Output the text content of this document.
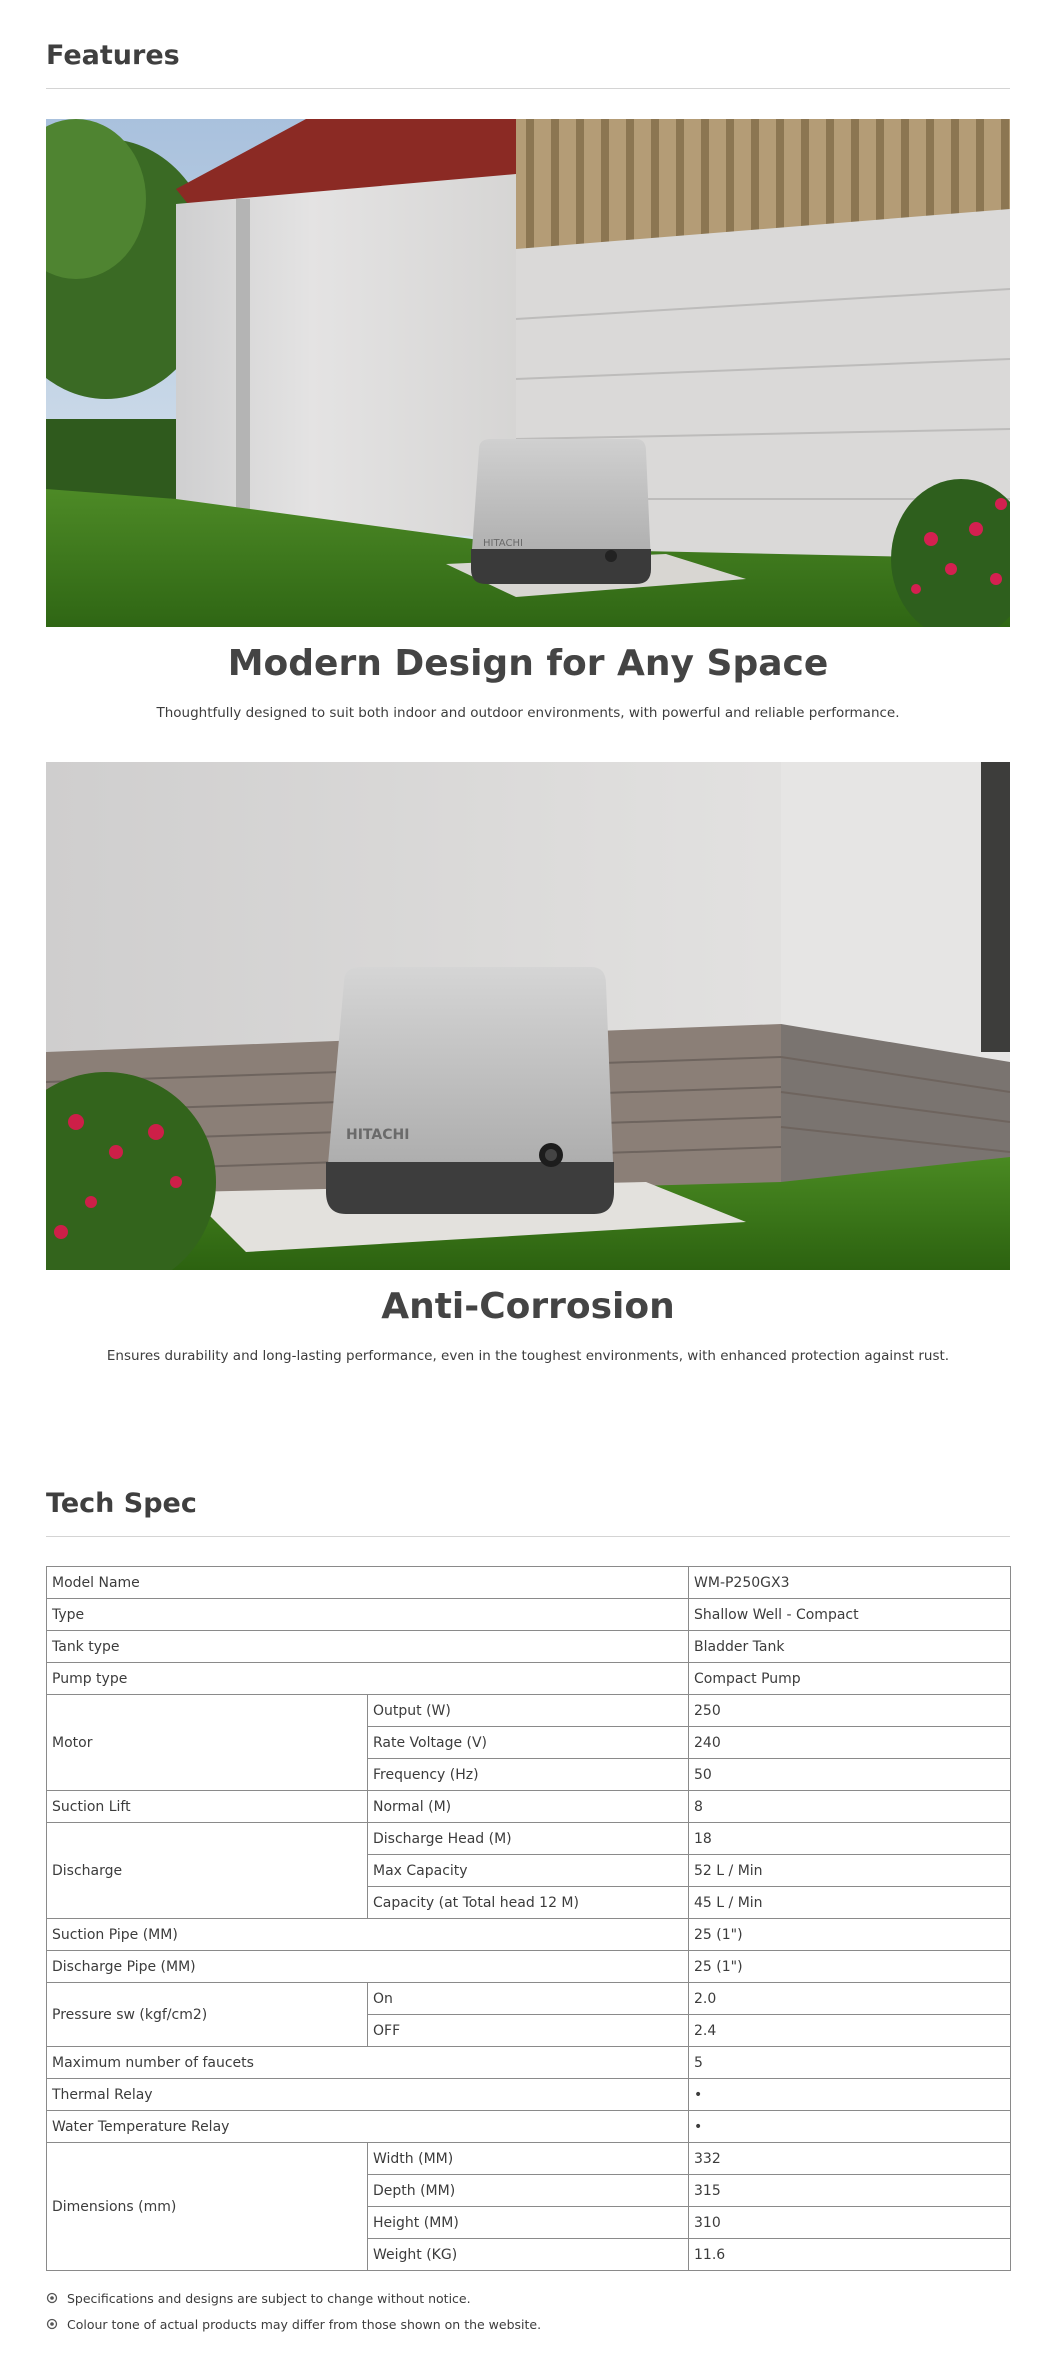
Features
HITACHI
Modern Design for Any Space
Thoughtfully designed to suit both indoor and outdoor environments, with powerful and reliable performance.
HITACHI
Anti-Corrosion
Ensures durability and long-lasting performance, even in the toughest environments, with enhanced protection against rust.
Tech Spec
Model Name		WM-P250GX3
Type		Shallow Well - Compact
Tank type		Bladder Tank
Pump type		Compact Pump
Motor	Output (W)	250
	Rate Voltage (V)	240
	Frequency (Hz)	50
Suction Lift	Normal (M)	8
Discharge	Discharge Head (M)	18
	Max Capacity	52 L / Min
	Capacity (at Total head 12 M)	45 L / Min
Suction Pipe (MM)		25 (1")
Discharge Pipe (MM)		25 (1")
Pressure sw (kgf/cm2)	On	2.0
	OFF	2.4
Maximum number of faucets		5
Thermal Relay		•
Water Temperature Relay		•
Dimensions (mm)	Width (MM)	332
	Depth (MM)	315
	Height (MM)	310
	Weight (KG)	11.6
Specifications and designs are subject to change without notice.
Colour tone of actual products may differ from those shown on the website.
